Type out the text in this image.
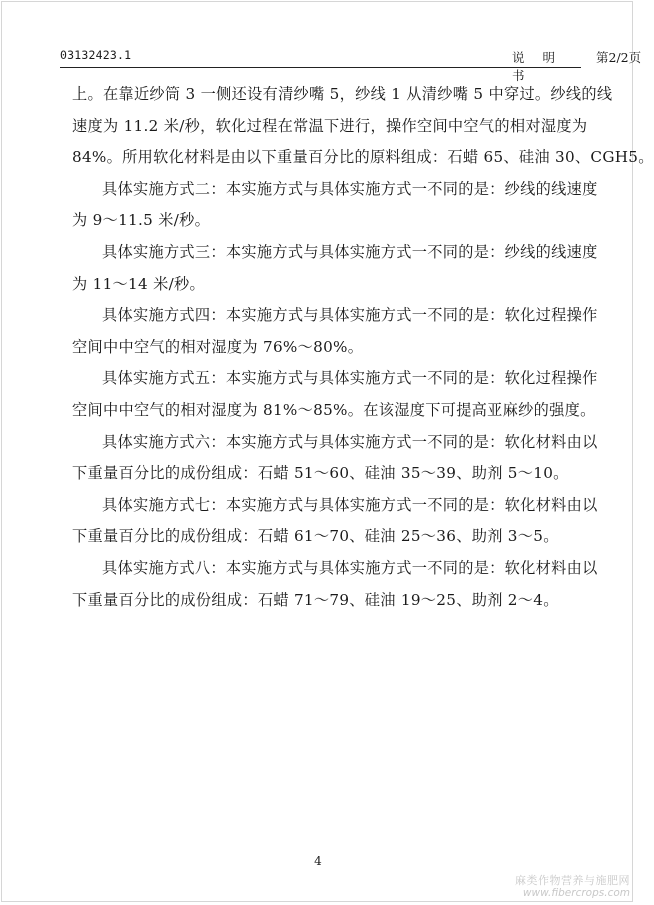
03132423.1	说 明 书
第2/2页
上。在靠近纱筒 3 一侧还设有清纱嘴 5，纱线 1 从清纱嘴 5 中穿过。纱线的线
速度为 11.2 米/秒，软化过程在常温下进行，操作空间中空气的相对湿度为
84%。所用软化材料是由以下重量百分比的原料组成：石蜡 65、硅油 30、CGH5。
具体实施方式二：本实施方式与具体实施方式一不同的是：纱线的线速度
为 9～11.5 米/秒。
具体实施方式三：本实施方式与具体实施方式一不同的是：纱线的线速度
为 11～14 米/秒。
具体实施方式四：本实施方式与具体实施方式一不同的是：软化过程操作
空间中中空气的相对湿度为 76%～80%。
具体实施方式五：本实施方式与具体实施方式一不同的是：软化过程操作
空间中中空气的相对湿度为 81%～85%。在该湿度下可提高亚麻纱的强度。
具体实施方式六：本实施方式与具体实施方式一不同的是：软化材料由以
下重量百分比的成份组成：石蜡 51～60、硅油 35～39、助剂 5～10。
具体实施方式七：本实施方式与具体实施方式一不同的是：软化材料由以
下重量百分比的成份组成：石蜡 61～70、硅油 25～36、助剂 3～5。
具体实施方式八：本实施方式与具体实施方式一不同的是：软化材料由以
下重量百分比的成份组成：石蜡 71～79、硅油 19～25、助剂 2～4。
4
麻类作物营养与施肥网
www.fibercrops.com
